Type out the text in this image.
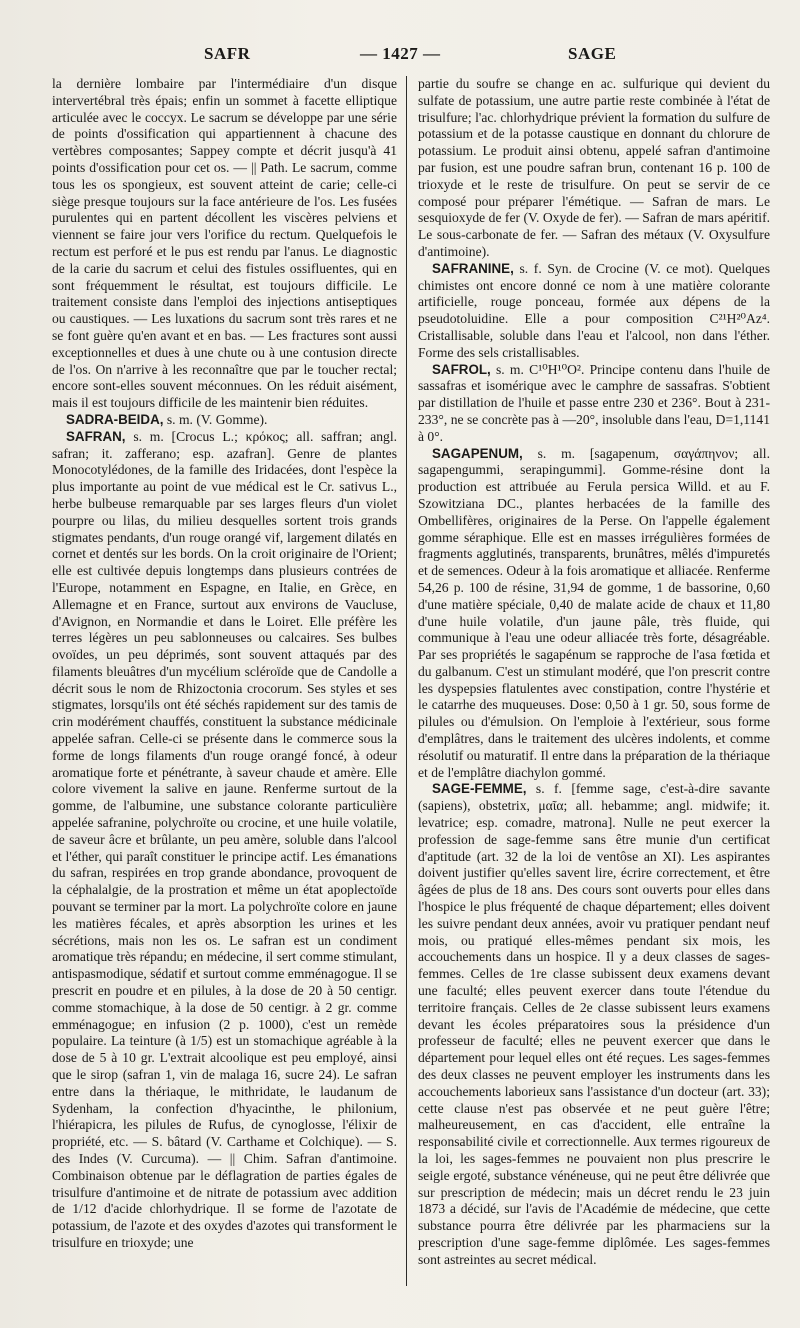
SAFR	— 1427 —	SAGE

la dernière lombaire par l'intermédiaire d'un disque intervertébral très épais; enfin un sommet à facette elliptique articulée avec le coccyx. Le sacrum se développe par une série de points d'ossification qui appartiennent à chacune des vertèbres composantes; Sappey compte et décrit jusqu'à 41 points d'ossification pour cet os. — || Path. Le sacrum, comme tous les os spongieux, est souvent atteint de carie; celle-ci siège presque toujours sur la face antérieure de l'os. Les fusées purulentes qui en partent décollent les viscères pelviens et viennent se faire jour vers l'orifice du rectum. Quelquefois le rectum est perforé et le pus est rendu par l'anus. Le diagnostic de la carie du sacrum et celui des fistules ossifluentes, qui en sont fréquemment le résultat, est toujours difficile. Le traitement consiste dans l'emploi des injections antiseptiques ou caustiques. — Les luxations du sacrum sont très rares et ne se font guère qu'en avant et en bas. — Les fractures sont aussi exceptionnelles et dues à une chute ou à une contusion directe de l'os. On n'arrive à les reconnaître que par le toucher rectal; encore sont-elles souvent méconnues. On les réduit aisément, mais il est toujours difficile de les maintenir bien réduites.

SADRA-BEIDA, s. m. (V. Gomme).

SAFRAN, s. m. [Crocus L.; κρόκος; all. saffran; angl. safran; it. zafferano; esp. azafran]. Genre de plantes Monocotylédones, de la famille des Iridacées, dont l'espèce la plus importante au point de vue médical est le Cr. sativus L., herbe bulbeuse remarquable par ses larges fleurs d'un violet pourpre ou lilas, du milieu desquelles sortent trois grands stigmates pendants, d'un rouge orangé vif, largement dilatés en cornet et dentés sur les bords. On la croit originaire de l'Orient; elle est cultivée depuis longtemps dans plusieurs contrées de l'Europe, notamment en Espagne, en Italie, en Grèce, en Allemagne et en France, surtout aux environs de Vaucluse, d'Avignon, en Normandie et dans le Loiret. Elle préfère les terres légères un peu sablonneuses ou calcaires. Ses bulbes ovoïdes, un peu déprimés, sont souvent attaqués par des filaments bleuâtres d'un mycélium scléroïde que de Candolle a décrit sous le nom de Rhizoctonia crocorum. Ses styles et ses stigmates, lorsqu'ils ont été séchés rapidement sur des tamis de crin modérément chauffés, constituent la substance médicinale appelée safran. Celle-ci se présente dans le commerce sous la forme de longs filaments d'un rouge orangé foncé, à odeur aromatique forte et pénétrante, à saveur chaude et amère. Elle colore vivement la salive en jaune. Renferme surtout de la gomme, de l'albumine, une substance colorante particulière appelée safranine, polychroïte ou crocine, et une huile volatile, de saveur âcre et brûlante, un peu amère, soluble dans l'alcool et l'éther, qui paraît constituer le principe actif. Les émanations du safran, respirées en trop grande abondance, provoquent de la céphalalgie, de la prostration et même un état apoplectoïde pouvant se terminer par la mort. La polychroïte colore en jaune les matières fécales, et après absorption les urines et les sécrétions, mais non les os. Le safran est un condiment aromatique très répandu; en médecine, il sert comme stimulant, antispasmodique, sédatif et surtout comme emménagogue. Il se prescrit en poudre et en pilules, à la dose de 20 à 50 centigr. comme stomachique, à la dose de 50 centigr. à 2 gr. comme emménagogue; en infusion (2 p. 1000), c'est un remède populaire. La teinture (à 1/5) est un stomachique agréable à la dose de 5 à 10 gr. L'extrait alcoolique est peu employé, ainsi que le sirop (safran 1, vin de malaga 16, sucre 24). Le safran entre dans la thériaque, le mithridate, le laudanum de Sydenham, la confection d'hyacinthe, le philonium, l'hiérapicra, les pilules de Rufus, de cynoglosse, l'élixir de propriété, etc. — S. bâtard (V. Carthame et Colchique). — S. des Indes (V. Curcuma). — || Chim. Safran d'antimoine. Combinaison obtenue par le déflagration de parties égales de trisulfure d'antimoine et de nitrate de potassium avec addition de 1/12 d'acide chlorhydrique. Il se forme de l'azotate de potassium, de l'azote et des oxydes d'azotes qui transforment le trisulfure en trioxyde; une

partie du soufre se change en ac. sulfurique qui devient du sulfate de potassium, une autre partie reste combinée à l'état de trisulfure; l'ac. chlorhydrique prévient la formation du sulfure de potassium et de la potasse caustique en donnant du chlorure de potassium. Le produit ainsi obtenu, appelé safran d'antimoine par fusion, est une poudre safran brun, contenant 16 p. 100 de trioxyde et le reste de trisulfure. On peut se servir de ce composé pour préparer l'émétique. — Safran de mars. Le sesquioxyde de fer (V. Oxyde de fer). — Safran de mars apéritif. Le sous-carbonate de fer. — Safran des métaux (V. Oxysulfure d'antimoine).

SAFRANINE, s. f. Syn. de Crocine (V. ce mot). Quelques chimistes ont encore donné ce nom à une matière colorante artificielle, rouge ponceau, formée aux dépens de la pseudotoluidine. Elle a pour composition C²¹H²⁰Az⁴. Cristallisable, soluble dans l'eau et l'alcool, non dans l'éther. Forme des sels cristallisables.

SAFROL, s. m. C¹⁰H¹⁰O². Principe contenu dans l'huile de sassafras et isomérique avec le camphre de sassafras. S'obtient par distillation de l'huile et passe entre 230 et 236°. Bout à 231-233°, ne se concrète pas à —20°, insoluble dans l'eau, D=1,1141 à 0°.

SAGAPENUM, s. m. [sagapenum, σαγάπηνον; all. sagapengummi, serapingummi]. Gomme-résine dont la production est attribuée au Ferula persica Willd. et au F. Szowitziana DC., plantes herbacées de la famille des Ombellifères, originaires de la Perse. On l'appelle également gomme séraphique. Elle est en masses irrégulières formées de fragments agglutinés, transparents, brunâtres, mêlés d'impuretés et de semences. Odeur à la fois aromatique et alliacée. Renferme 54,26 p. 100 de résine, 31,94 de gomme, 1 de bassorine, 0,60 d'une matière spéciale, 0,40 de malate acide de chaux et 11,80 d'une huile volatile, d'un jaune pâle, très fluide, qui communique à l'eau une odeur alliacée très forte, désagréable. Par ses propriétés le sagapénum se rapproche de l'asa fœtida et du galbanum. C'est un stimulant modéré, que l'on prescrit contre les dyspepsies flatulentes avec constipation, contre l'hystérie et le catarrhe des muqueuses. Dose: 0,50 à 1 gr. 50, sous forme de pilules ou d'émulsion. On l'emploie à l'extérieur, sous forme d'emplâtres, dans le traitement des ulcères indolents, et comme résolutif ou maturatif. Il entre dans la préparation de la thériaque et de l'emplâtre diachylon gommé.

SAGE-FEMME, s. f. [femme sage, c'est-à-dire savante (sapiens), obstetrix, μαῖα; all. hebamme; angl. midwife; it. levatrice; esp. comadre, matrona]. Nulle ne peut exercer la profession de sage-femme sans être munie d'un certificat d'aptitude (art. 32 de la loi de ventôse an XI). Les aspirantes doivent justifier qu'elles savent lire, écrire correctement, et être âgées de plus de 18 ans. Des cours sont ouverts pour elles dans l'hospice le plus fréquenté de chaque département; elles doivent les suivre pendant deux années, avoir vu pratiquer pendant neuf mois, ou pratiqué elles-mêmes pendant six mois, les accouchements dans un hospice. Il y a deux classes de sages-femmes. Celles de 1re classe subissent deux examens devant une faculté; elles peuvent exercer dans toute l'étendue du territoire français. Celles de 2e classe subissent leurs examens devant les écoles préparatoires sous la présidence d'un professeur de faculté; elles ne peuvent exercer que dans le département pour lequel elles ont été reçues. Les sages-femmes des deux classes ne peuvent employer les instruments dans les accouchements laborieux sans l'assistance d'un docteur (art. 33); cette clause n'est pas observée et ne peut guère l'être; malheureusement, en cas d'accident, elle entraîne la responsabilité civile et correctionnelle. Aux termes rigoureux de la loi, les sages-femmes ne pouvaient non plus prescrire le seigle ergoté, substance vénéneuse, qui ne peut être délivrée que sur prescription de médecin; mais un décret rendu le 23 juin 1873 a décidé, sur l'avis de l'Académie de médecine, que cette substance pourra être délivrée par les pharmaciens sur la prescription d'une sage-femme diplômée. Les sages-femmes sont astreintes au secret médical.
